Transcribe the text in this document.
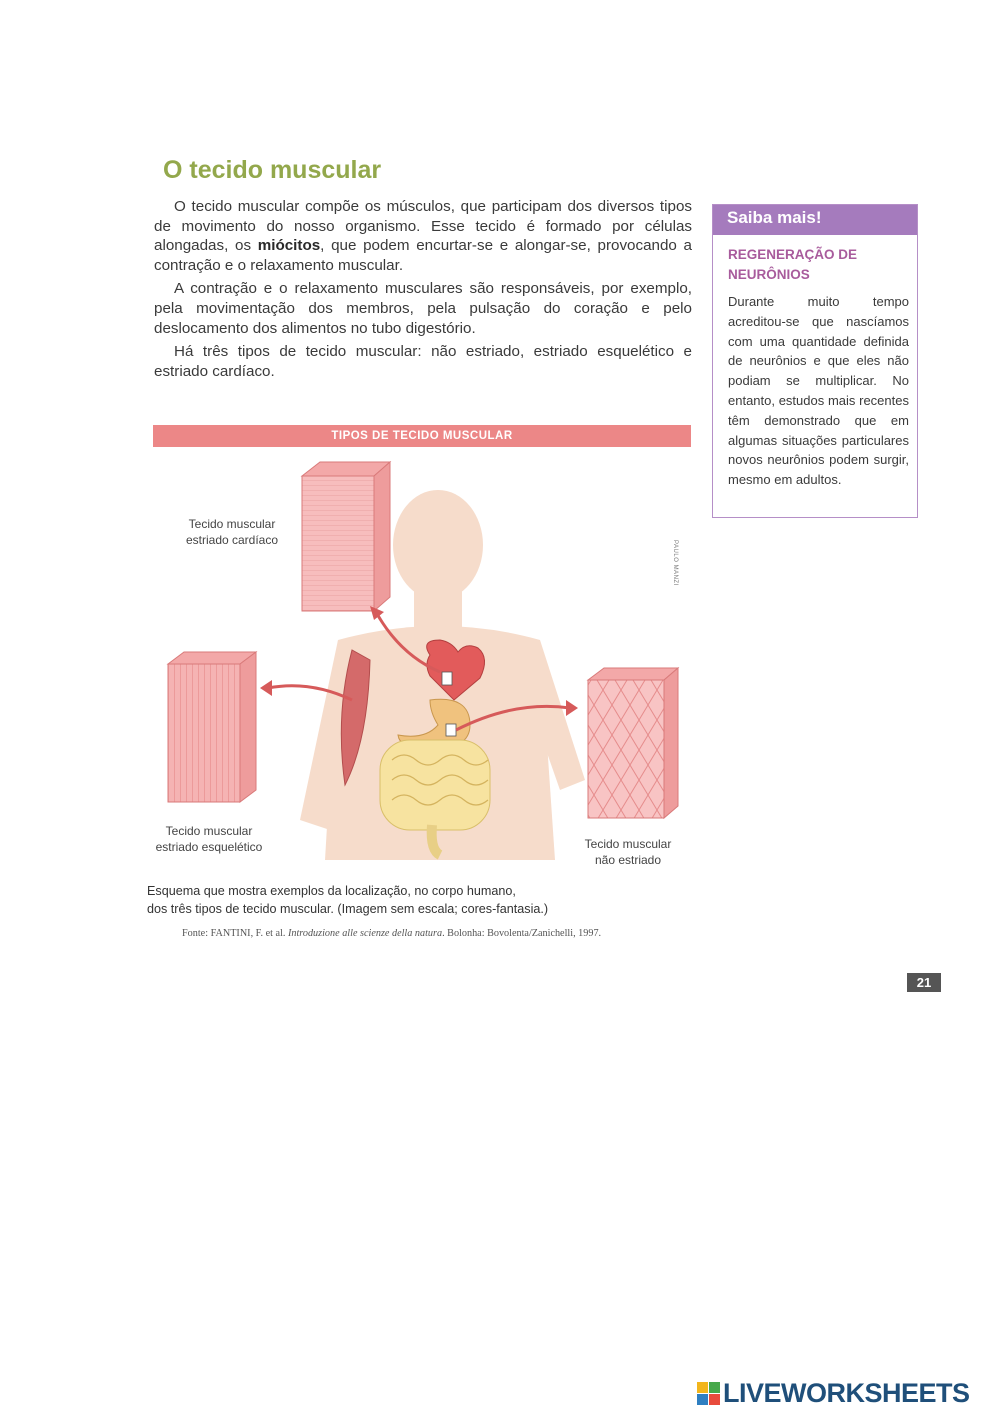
O tecido muscular

O tecido muscular compõe os músculos, que participam dos diversos tipos de movimento do nosso organismo. Esse tecido é formado por células alongadas, os miócitos, que podem encurtar-se e alongar-se, provocando a contração e o relaxamento muscular.

A contração e o relaxamento musculares são responsáveis, por exemplo, pela movimentação dos membros, pela pulsação do coração e pelo deslocamento dos alimentos no tubo digestório.

Há três tipos de tecido muscular: não estriado, estriado esquelético e estriado cardíaco.

TIPOS DE TECIDO MUSCULAR
Tecido muscular
estriado cardíaco
Tecido muscular
estriado esquelético	Tecido muscular
não estriado
PAULO MANZI

Esquema que mostra exemplos da localização, no corpo humano,
dos três tipos de tecido muscular. (Imagem sem escala; cores-fantasia.)

Fonte: FANTINI, F. et al. Introduzione alle scienze della natura. Bolonha: Bovolenta/Zanichelli, 1997.

Saiba mais!

REGENERAÇÃO DE
NEURÔNIOS

Durante muito tempo acreditou-se que nascíamos com uma quantidade definida de neurônios e que eles não podiam se multiplicar. No entanto, estudos mais recentes têm demonstrado que em algumas situações particulares novos neurônios podem surgir, mesmo em adultos.

21
LIVEWORKSHEETS
